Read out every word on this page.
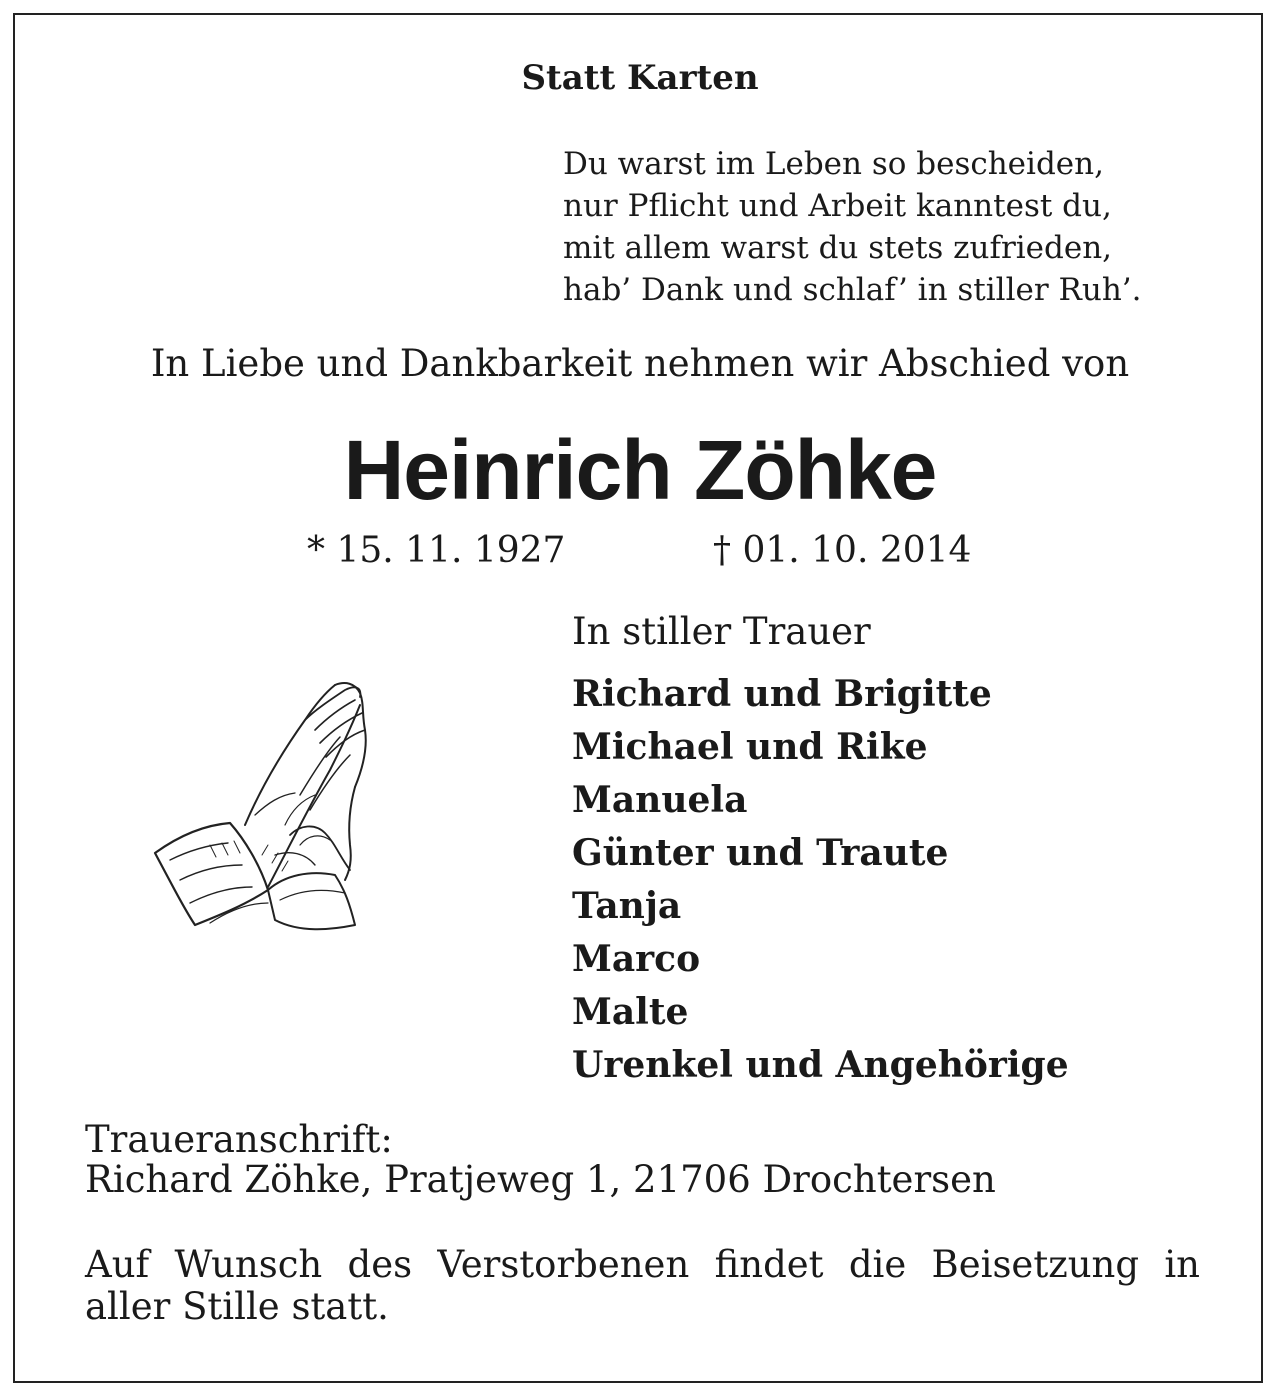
Statt Karten
Du warst im Leben so bescheiden,
nur Pflicht und Arbeit kanntest du,
mit allem warst du stets zufrieden,
hab’ Dank und schlaf’ in stiller Ruh’.
In Liebe und Dankbarkeit nehmen wir Abschied von
Heinrich Zöhke
* 15. 11. 1927	† 01. 10. 2014
In stiller Trauer
Richard und Brigitte
Michael und Rike
Manuela
Günter und Traute
Tanja
Marco
Malte
Urenkel und Angehörige
Traueranschrift:
Richard Zöhke, Pratjeweg 1, 21706 Drochtersen
Auf Wunsch des Verstorbenen findet die Beisetzung in aller Stille statt.
